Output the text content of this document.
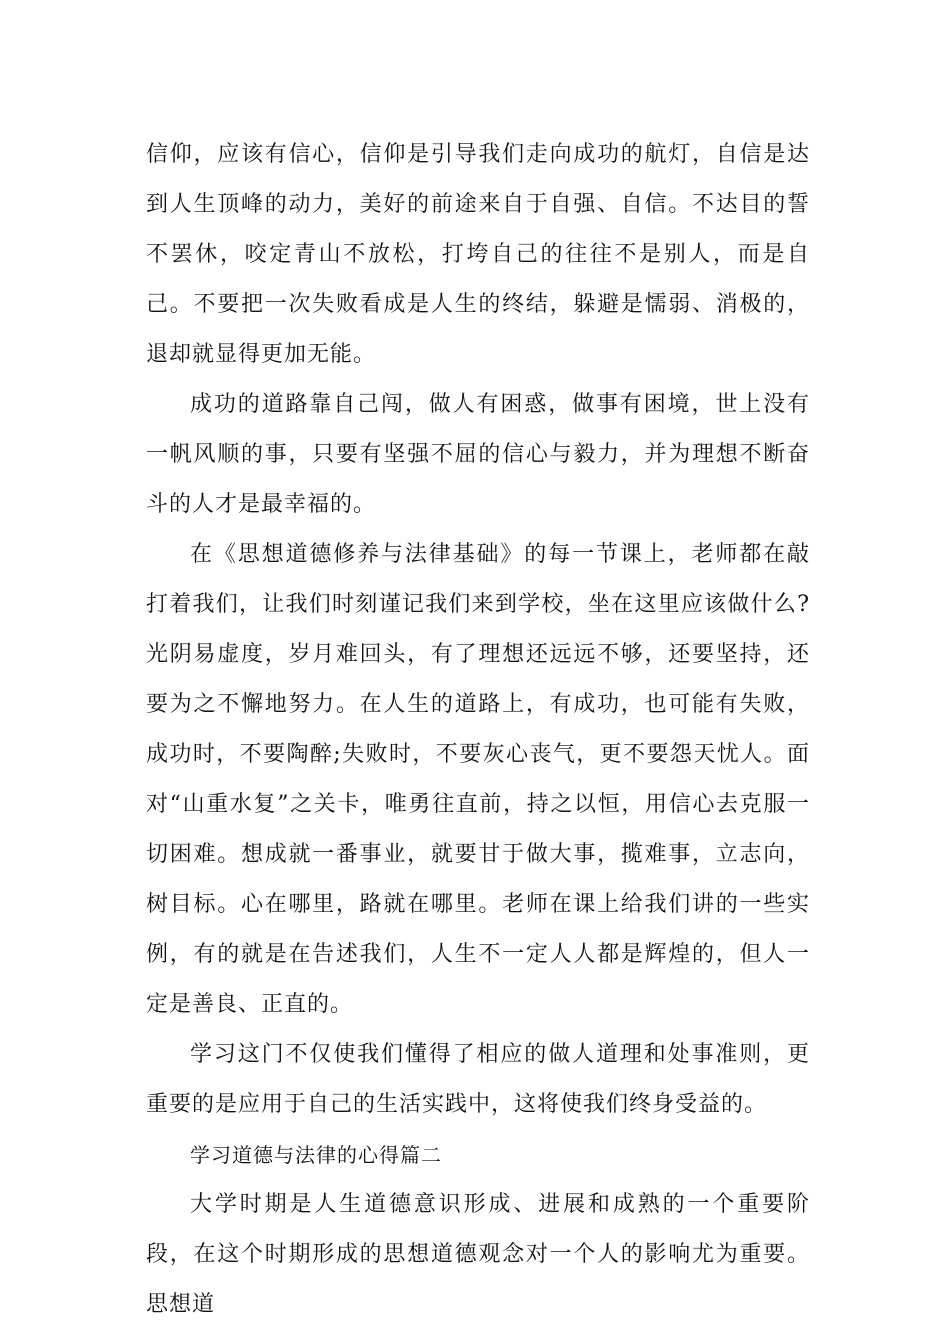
信仰，应该有信心，信仰是引导我们走向成功的航灯，自信是达到人生顶峰的动力，美好的前途来自于自强、自信。不达目的誓不罢休，咬定青山不放松，打垮自己的往往不是别人，而是自己。不要把一次失败看成是人生的终结，躲避是懦弱、消极的，退却就显得更加无能。

成功的道路靠自己闯，做人有困惑，做事有困境，世上没有一帆风顺的事，只要有坚强不屈的信心与毅力，并为理想不断奋斗的人才是最幸福的。

在《思想道德修养与法律基础》的每一节课上，老师都在敲打着我们，让我们时刻谨记我们来到学校，坐在这里应该做什么?光阴易虚度，岁月难回头，有了理想还远远不够，还要坚持，还要为之不懈地努力。在人生的道路上，有成功，也可能有失败，成功时，不要陶醉;失败时，不要灰心丧气，更不要怨天忧人。面对“山重水复”之关卡，唯勇往直前，持之以恒，用信心去克服一切困难。想成就一番事业，就要甘于做大事，揽难事，立志向，树目标。心在哪里，路就在哪里。老师在课上给我们讲的一些实例，有的就是在告述我们，人生不一定人人都是辉煌的，但人一定是善良、正直的。

学习这门不仅使我们懂得了相应的做人道理和处事准则，更重要的是应用于自己的生活实践中，这将使我们终身受益的。

学习道德与法律的心得篇二

大学时期是人生道德意识形成、进展和成熟的一个重要阶段，在这个时期形成的思想道德观念对一个人的影响尤为重要。思想道
